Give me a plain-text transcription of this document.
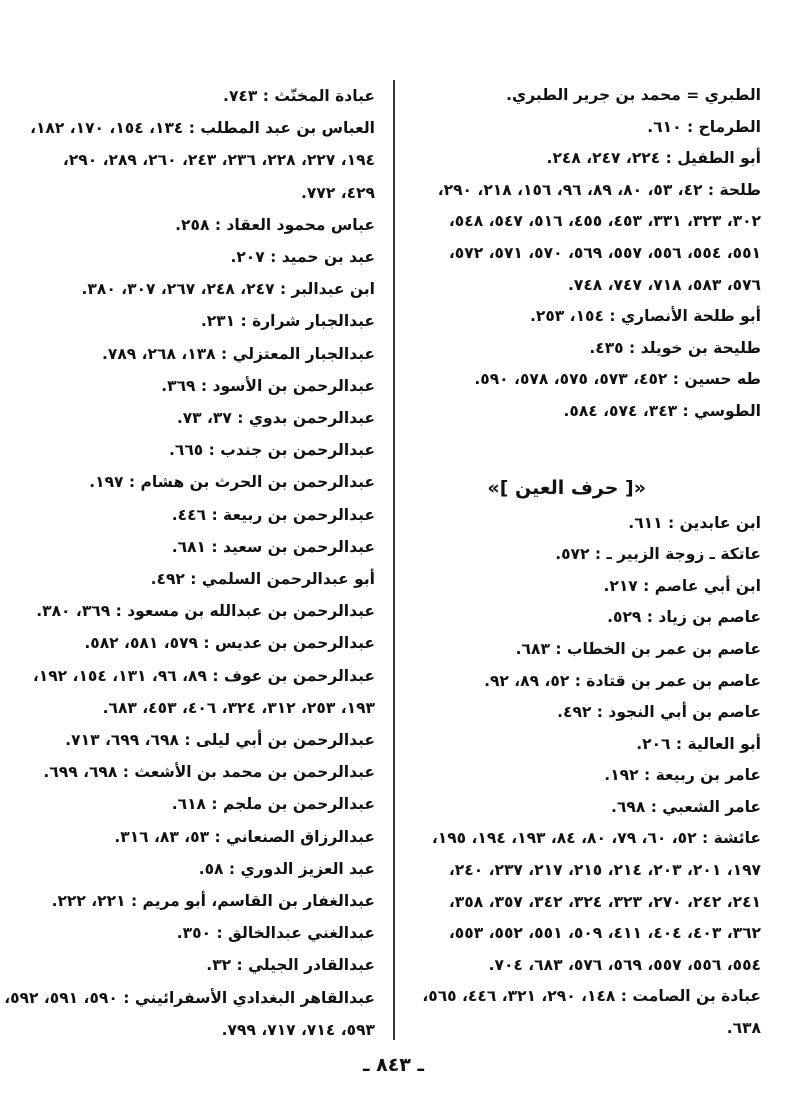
الطبري = محمد بن جرير الطبري.
الطرماح : ٦١٠.
أبو الطفيل : ٢٢٤، ٢٤٧، ٢٤٨.
طلحة : ٤٢، ٥٣، ٨٠، ٨٩، ٩٦، ١٥٦، ٢١٨، ٢٩٠،
٣٠٢، ٣٢٣، ٣٣١، ٤٥٣، ٤٥٥، ٥١٦، ٥٤٧، ٥٤٨،
٥٥١، ٥٥٤، ٥٥٦، ٥٥٧، ٥٦٩، ٥٧٠، ٥٧١، ٥٧٢،
٥٧٦، ٥٨٣، ٧١٨، ٧٤٧، ٧٤٨.
أبو طلحة الأنصاري : ١٥٤، ٢٥٣.
طليحة بن خويلد : ٤٣٥.
طه حسين : ٤٥٢، ٥٧٣، ٥٧٥، ٥٧٨، ٥٩٠.
الطوسي : ٣٤٣، ٥٧٤، ٥٨٤.
«[ حرف العين ]»
ابن عابدين : ٦١١.
عاتكة ـ زوجة الزبير ـ : ٥٧٢.
ابن أبي عاصم : ٢١٧.
عاصم بن زياد : ٥٢٩.
عاصم بن عمر بن الخطاب : ٦٨٣.
عاصم بن عمر بن قتادة : ٥٢، ٨٩، ٩٢.
عاصم بن أبي النجود : ٤٩٢.
أبو العالية : ٢٠٦.
عامر بن ربيعة : ١٩٢.
عامر الشعبي : ٦٩٨.
عائشة : ٥٢، ٦٠، ٧٩، ٨٠، ٨٤، ١٩٣، ١٩٤، ١٩٥،
١٩٧، ٢٠١، ٢٠٣، ٢١٤، ٢١٥، ٢١٧، ٢٣٧، ٢٤٠،
٢٤١، ٢٤٢، ٢٧٠، ٣٢٣، ٣٢٤، ٣٤٢، ٣٥٧، ٣٥٨،
٣٦٢، ٤٠٣، ٤٠٤، ٤١١، ٥٠٩، ٥٥١، ٥٥٢، ٥٥٣،
٥٥٤، ٥٥٦، ٥٥٧، ٥٦٩، ٥٧٦، ٦٨٣، ٧٠٤.
عبادة بن الصامت : ١٤٨، ٢٩٠، ٣٢١، ٤٤٦، ٥٦٥،
٦٣٨.
عبادة المخنّث : ٧٤٣.
العباس بن عبد المطلب : ١٣٤، ١٥٤، ١٧٠، ١٨٢،
١٩٤، ٢٢٧، ٢٢٨، ٢٣٦، ٢٤٣، ٢٦٠، ٢٨٩، ٢٩٠،
٤٢٩، ٧٧٢.
عباس محمود العقاد : ٢٥٨.
عبد بن حميد : ٢٠٧.
ابن عبدالبر : ٢٤٧، ٢٤٨، ٢٦٧، ٣٠٧، ٣٨٠.
عبدالجبار شرارة : ٢٣١.
عبدالجبار المعتزلي : ١٣٨، ٢٦٨، ٧٨٩.
عبدالرحمن بن الأسود : ٣٦٩.
عبدالرحمن بدوي : ٣٧، ٧٣.
عبدالرحمن بن جندب : ٦٦٥.
عبدالرحمن بن الحرث بن هشام : ١٩٧.
عبدالرحمن بن ربيعة : ٤٤٦.
عبدالرحمن بن سعيد : ٦٨١.
أبو عبدالرحمن السلمي : ٤٩٢.
عبدالرحمن بن عبدالله بن مسعود : ٣٦٩، ٣٨٠.
عبدالرحمن بن عديس : ٥٧٩، ٥٨١، ٥٨٢.
عبدالرحمن بن عوف : ٨٩، ٩٦، ١٣١، ١٥٤، ١٩٢،
١٩٣، ٢٥٣، ٣١٢، ٣٢٤، ٤٠٦، ٤٥٣، ٦٨٣.
عبدالرحمن بن أبي ليلى : ٦٩٨، ٦٩٩، ٧١٣.
عبدالرحمن بن محمد بن الأشعث : ٦٩٨، ٦٩٩.
عبدالرحمن بن ملجم : ٦١٨.
عبدالرزاق الصنعاني : ٥٣، ٨٣، ٣١٦.
عبد العزيز الدوري : ٥٨.
عبدالغفار بن القاسم، أبو مريم : ٢٢١، ٢٢٢.
عبدالغني عبدالخالق : ٣٥٠.
عبدالقادر الجيلي : ٣٢.
عبدالقاهر البغدادي الأسفرائيني : ٥٩٠، ٥٩١، ٥٩٢،
٥٩٣، ٧١٤، ٧١٧، ٧٩٩.
ـ ٨٤٣ ـ
